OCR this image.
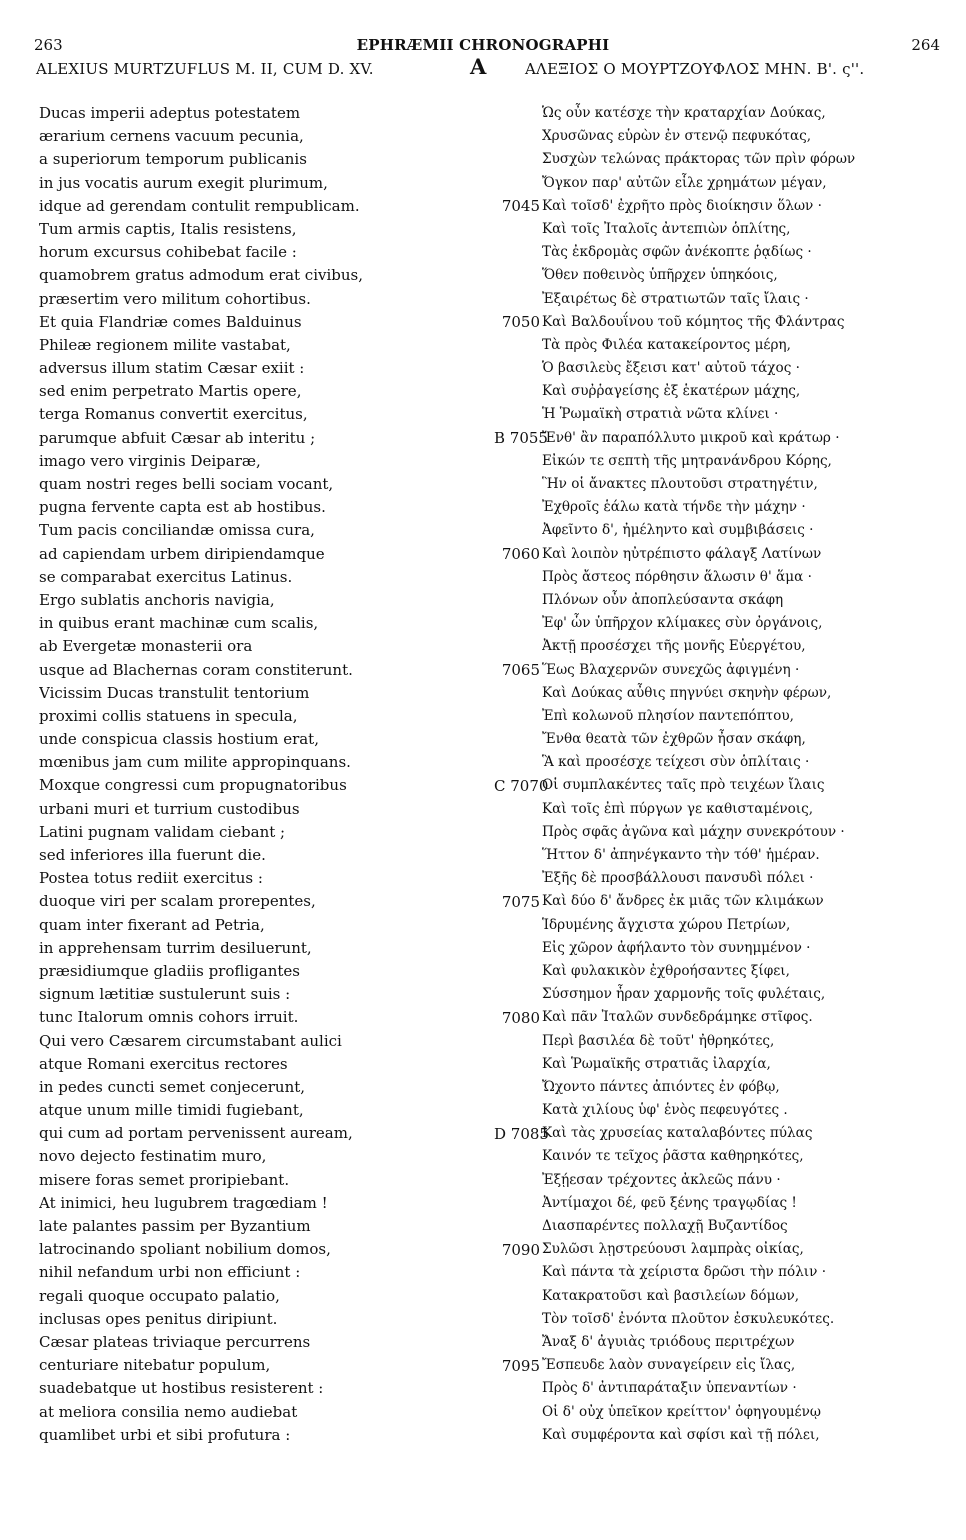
263	EPHRÆMII CHRONOGRAPHI	264
ALEXIUS MURTZUFLUS M. II, CUM D. XV.	A	ΑΛΕΞΙΟΣ Ο ΜΟΥΡΤΖΟΥΦΛΟΣ ΜΗΝ. Β'. ς''.
Ducas imperii adeptus potestatem
ærarium cernens vacuum pecunia,
a superiorum temporum publicanis
in jus vocatis aurum exegit plurimum,
idque ad gerendam contulit rempublicam.
Tum armis captis, Italis resistens,
horum excursus cohibebat facile :
quamobrem gratus admodum erat civibus,
præsertim vero militum cohortibus.
Et quia Flandriæ comes Balduinus
Phileæ regionem milite vastabat,
adversus illum statim Cæsar exiit :
sed enim perpetrato Martis opere,
terga Romanus convertit exercitus,
parumque abfuit Cæsar ab interitu ;
imago vero virginis Deiparæ,
quam nostri reges belli sociam vocant,
pugna fervente capta est ab hostibus.
Tum pacis conciliandæ omissa cura,
ad capiendam urbem diripiendamque
se comparabat exercitus Latinus.
Ergo sublatis anchoris navigia,
in quibus erant machinæ cum scalis,
ab Evergetæ monasterii ora
usque ad Blachernas coram constiterunt.
Vicissim Ducas transtulit tentorium
proximi collis statuens in specula,
unde conspicua classis hostium erat,
mœnibus jam cum milite appropinquans.
Moxque congressi cum propugnatoribus
urbani muri et turrium custodibus
Latini pugnam validam ciebant ;
sed inferiores illa fuerunt die.
Postea totus rediit exercitus :
duoque viri per scalam prorepentes,
quam inter fixerant ad Petria,
in apprehensam turrim desiluerunt,
præsidiumque gladiis profligantes
signum lætitiæ sustulerunt suis :
tunc Italorum omnis cohors irruit.
Qui vero Cæsarem circumstabant aulici
atque Romani exercitus rectores
in pedes cuncti semet conjecerunt,
atque unum mille timidi fugiebant,
qui cum ad portam pervenissent auream,
novo dejecto festinatim muro,
misere foras semet proripiebant.
At inimici, heu lugubrem tragœdiam !
late palantes passim per Byzantium
latrocinando spoliant nobilium domos,
nihil nefandum urbi non efficiunt :
regali quoque occupato palatio,
inclusas opes penitus diripiunt.
Cæsar plateas triviaque percurrens
centuriare nitebatur populum,
suadebatque ut hostibus resisterent :
at meliora consilia nemo audiebat
quamlibet urbi et sibi profutura :
7045
7050
B 7055
7060
7065
C 7070
7075
7080
D 7085
7090
7095
Ὡς οὖν κατέσχε τὴν κραταρχίαν Δούκας,
Χρυσῶνας εὑρὼν ἐν στενῷ πεφυκότας,
Συσχὼν τελώνας πράκτορας τῶν πρὶν φόρων
Ὄγκον παρ' αὐτῶν εἷλε χρημάτων μέγαν,
Καὶ τοῖσδ' ἐχρῆτο πρὸς διοίκησιν ὅλων ·
Καὶ τοῖς Ἰταλοῖς ἀντεπιὼν ὁπλίτης,
Τὰς ἐκδρομὰς σφῶν ἀνέκοπτε ῥᾳδίως ·
Ὅθεν ποθεινὸς ὑπῆρχεν ὑπηκόοις,
Ἐξαιρέτως δὲ στρατιωτῶν ταῖς ἴλαις ·
Καὶ Βαλδουΐνου τοῦ κόμητος τῆς Φλάντρας
Τὰ πρὸς Φιλέα κατακείροντος μέρη,
Ὁ βασιλεὺς ἔξεισι κατ' αὐτοῦ τάχος ·
Καὶ συῤῥαγείσης ἐξ ἑκατέρων μάχης,
Ἡ Ῥωμαϊκὴ στρατιὰ νῶτα κλίνει ·
Ἔνθ' ἂν παραπόλλυτο μικροῦ καὶ κράτωρ ·
Εἰκών τε σεπτὴ τῆς μητρανάνδρου Κόρης,
Ἣν οἱ ἄνακτες πλουτοῦσι στρατηγέτιν,
Ἐχθροῖς ἑάλω κατὰ τήνδε τὴν μάχην ·
Ἀφεῖντο δ', ἠμέληντο καὶ συμβιβάσεις ·
Καὶ λοιπὸν ηὐτρέπιστο φάλαγξ Λατίνων
Πρὸς ἄστεος πόρθησιν ἅλωσιν θ' ἅμα ·
Πλόνων οὖν ἀποπλεύσαντα σκάφη
Ἐφ' ὧν ὑπῆρχον κλίμακες σὺν ὀργάνοις,
Ἀκτῇ προσέσχει τῆς μονῆς Εὐεργέτου,
Ἕως Βλαχερνῶν συνεχῶς ἀφιγμένη ·
Καὶ Δούκας αὖθις πηγνύει σκηνὴν φέρων,
Ἐπὶ κολωνοῦ πλησίον παντεπόπτου,
Ἔνθα θεατὰ τῶν ἐχθρῶν ἦσαν σκάφη,
Ἃ καὶ προσέσχε τείχεσι σὺν ὁπλίταις ·
Οἱ συμπλακέντες ταῖς πρὸ τειχέων ἴλαις
Καὶ τοῖς ἐπὶ πύργων γε καθισταμένοις,
Πρὸς σφᾶς ἀγῶνα καὶ μάχην συνεκρότουν ·
Ἥττον δ' ἀπηνέγκαντο τὴν τόθ' ἡμέραν.
Ἐξῆς δὲ προσβάλλουσι πανσυδὶ πόλει ·
Καὶ δύο δ' ἄνδρες ἐκ μιᾶς τῶν κλιμάκων
Ἱδρυμένης ἄγχιστα χώρου Πετρίων,
Εἰς χῶρον ἀφήλαντο τὸν συνημμένον ·
Καὶ φυλακικὸν ἐχθροήσαντες ξίφει,
Σύσσημον ἦραν χαρμονῆς τοῖς φυλέταις,
Καὶ πᾶν Ἰταλῶν συνδεδράμηκε στῖφος.
Περὶ βασιλέα δὲ τοῦτ' ἠθρηκότες,
Καὶ Ῥωμαϊκῆς στρατιᾶς ἰλαρχία,
Ὤχοντο πάντες ἀπιόντες ἐν φόβῳ,
Κατὰ χιλίους ὑφ' ἑνὸς πεφευγότες .
Καὶ τὰς χρυσείας καταλαβόντες πύλας
Καινόν τε τεῖχος ῥᾶστα καθηρηκότες,
Ἐξῄεσαν τρέχοντες ἀκλεῶς πάνυ ·
Ἀντίμαχοι δέ, φεῦ ξένης τραγῳδίας !
Διασπαρέντες πολλαχῇ Βυζαντίδος
Συλῶσι λῃστρεύουσι λαμπρὰς οἰκίας,
Καὶ πάντα τὰ χείριστα δρῶσι τὴν πόλιν ·
Κατακρατοῦσι καὶ βασιλείων δόμων,
Τὸν τοῖσδ' ἐνόντα πλοῦτον ἐσκυλευκότες.
Ἄναξ δ' ἀγυιὰς τριόδους περιτρέχων
Ἔσπευδε λαὸν συναγείρειν εἰς ἴλας,
Πρὸς δ' ἀντιπαράταξιν ὑπεναντίων ·
Οἱ δ' οὐχ ὑπεῖκον κρείττον' ὀφηγουμένῳ
Καὶ συμφέροντα καὶ σφίσι καὶ τῇ πόλει,
